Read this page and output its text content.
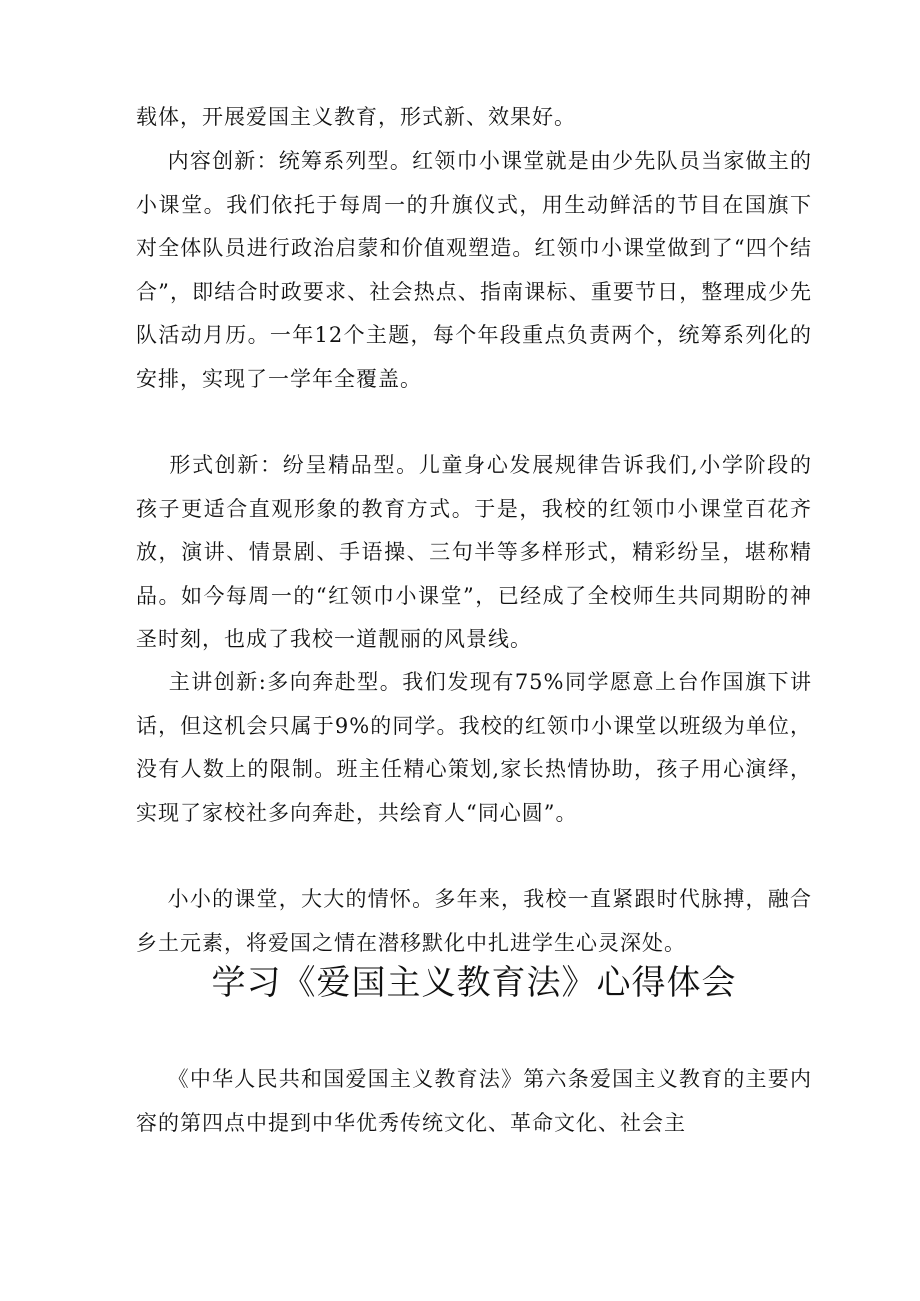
载体，开展爱国主义教育，形式新、效果好。

内容创新：统筹系列型。红领巾小课堂就是由少先队员当家做主的小课堂。我们依托于每周一的升旗仪式，用生动鲜活的节目在国旗下对全体队员进行政治启蒙和价值观塑造。红领巾小课堂做到了“四个结合”，即结合时政要求、社会热点、指南课标、重要节日，整理成少先队活动月历。一年12个主题，每个年段重点负责两个，统筹系列化的安排，实现了一学年全覆盖。

形式创新：纷呈精品型。儿童身心发展规律告诉我们,小学阶段的孩子更适合直观形象的教育方式。于是，我校的红领巾小课堂百花齐放，演讲、情景剧、手语操、三句半等多样形式，精彩纷呈，堪称精品。如今每周一的“红领巾小课堂”，已经成了全校师生共同期盼的神圣时刻，也成了我校一道靓丽的风景线。

主讲创新:多向奔赴型。我们发现有75%同学愿意上台作国旗下讲话，但这机会只属于9%的同学。我校的红领巾小课堂以班级为单位，没有人数上的限制。班主任精心策划,家长热情协助，孩子用心演绎，实现了家校社多向奔赴，共绘育人“同心圆”。

小小的课堂，大大的情怀。多年来，我校一直紧跟时代脉搏，融合乡土元素，将爱国之情在潜移默化中扎进学生心灵深处。

学习《爱国主义教育法》心得体会

《中华人民共和国爱国主义教育法》第六条爱国主义教育的主要内容的第四点中提到中华优秀传统文化、革命文化、社会主
